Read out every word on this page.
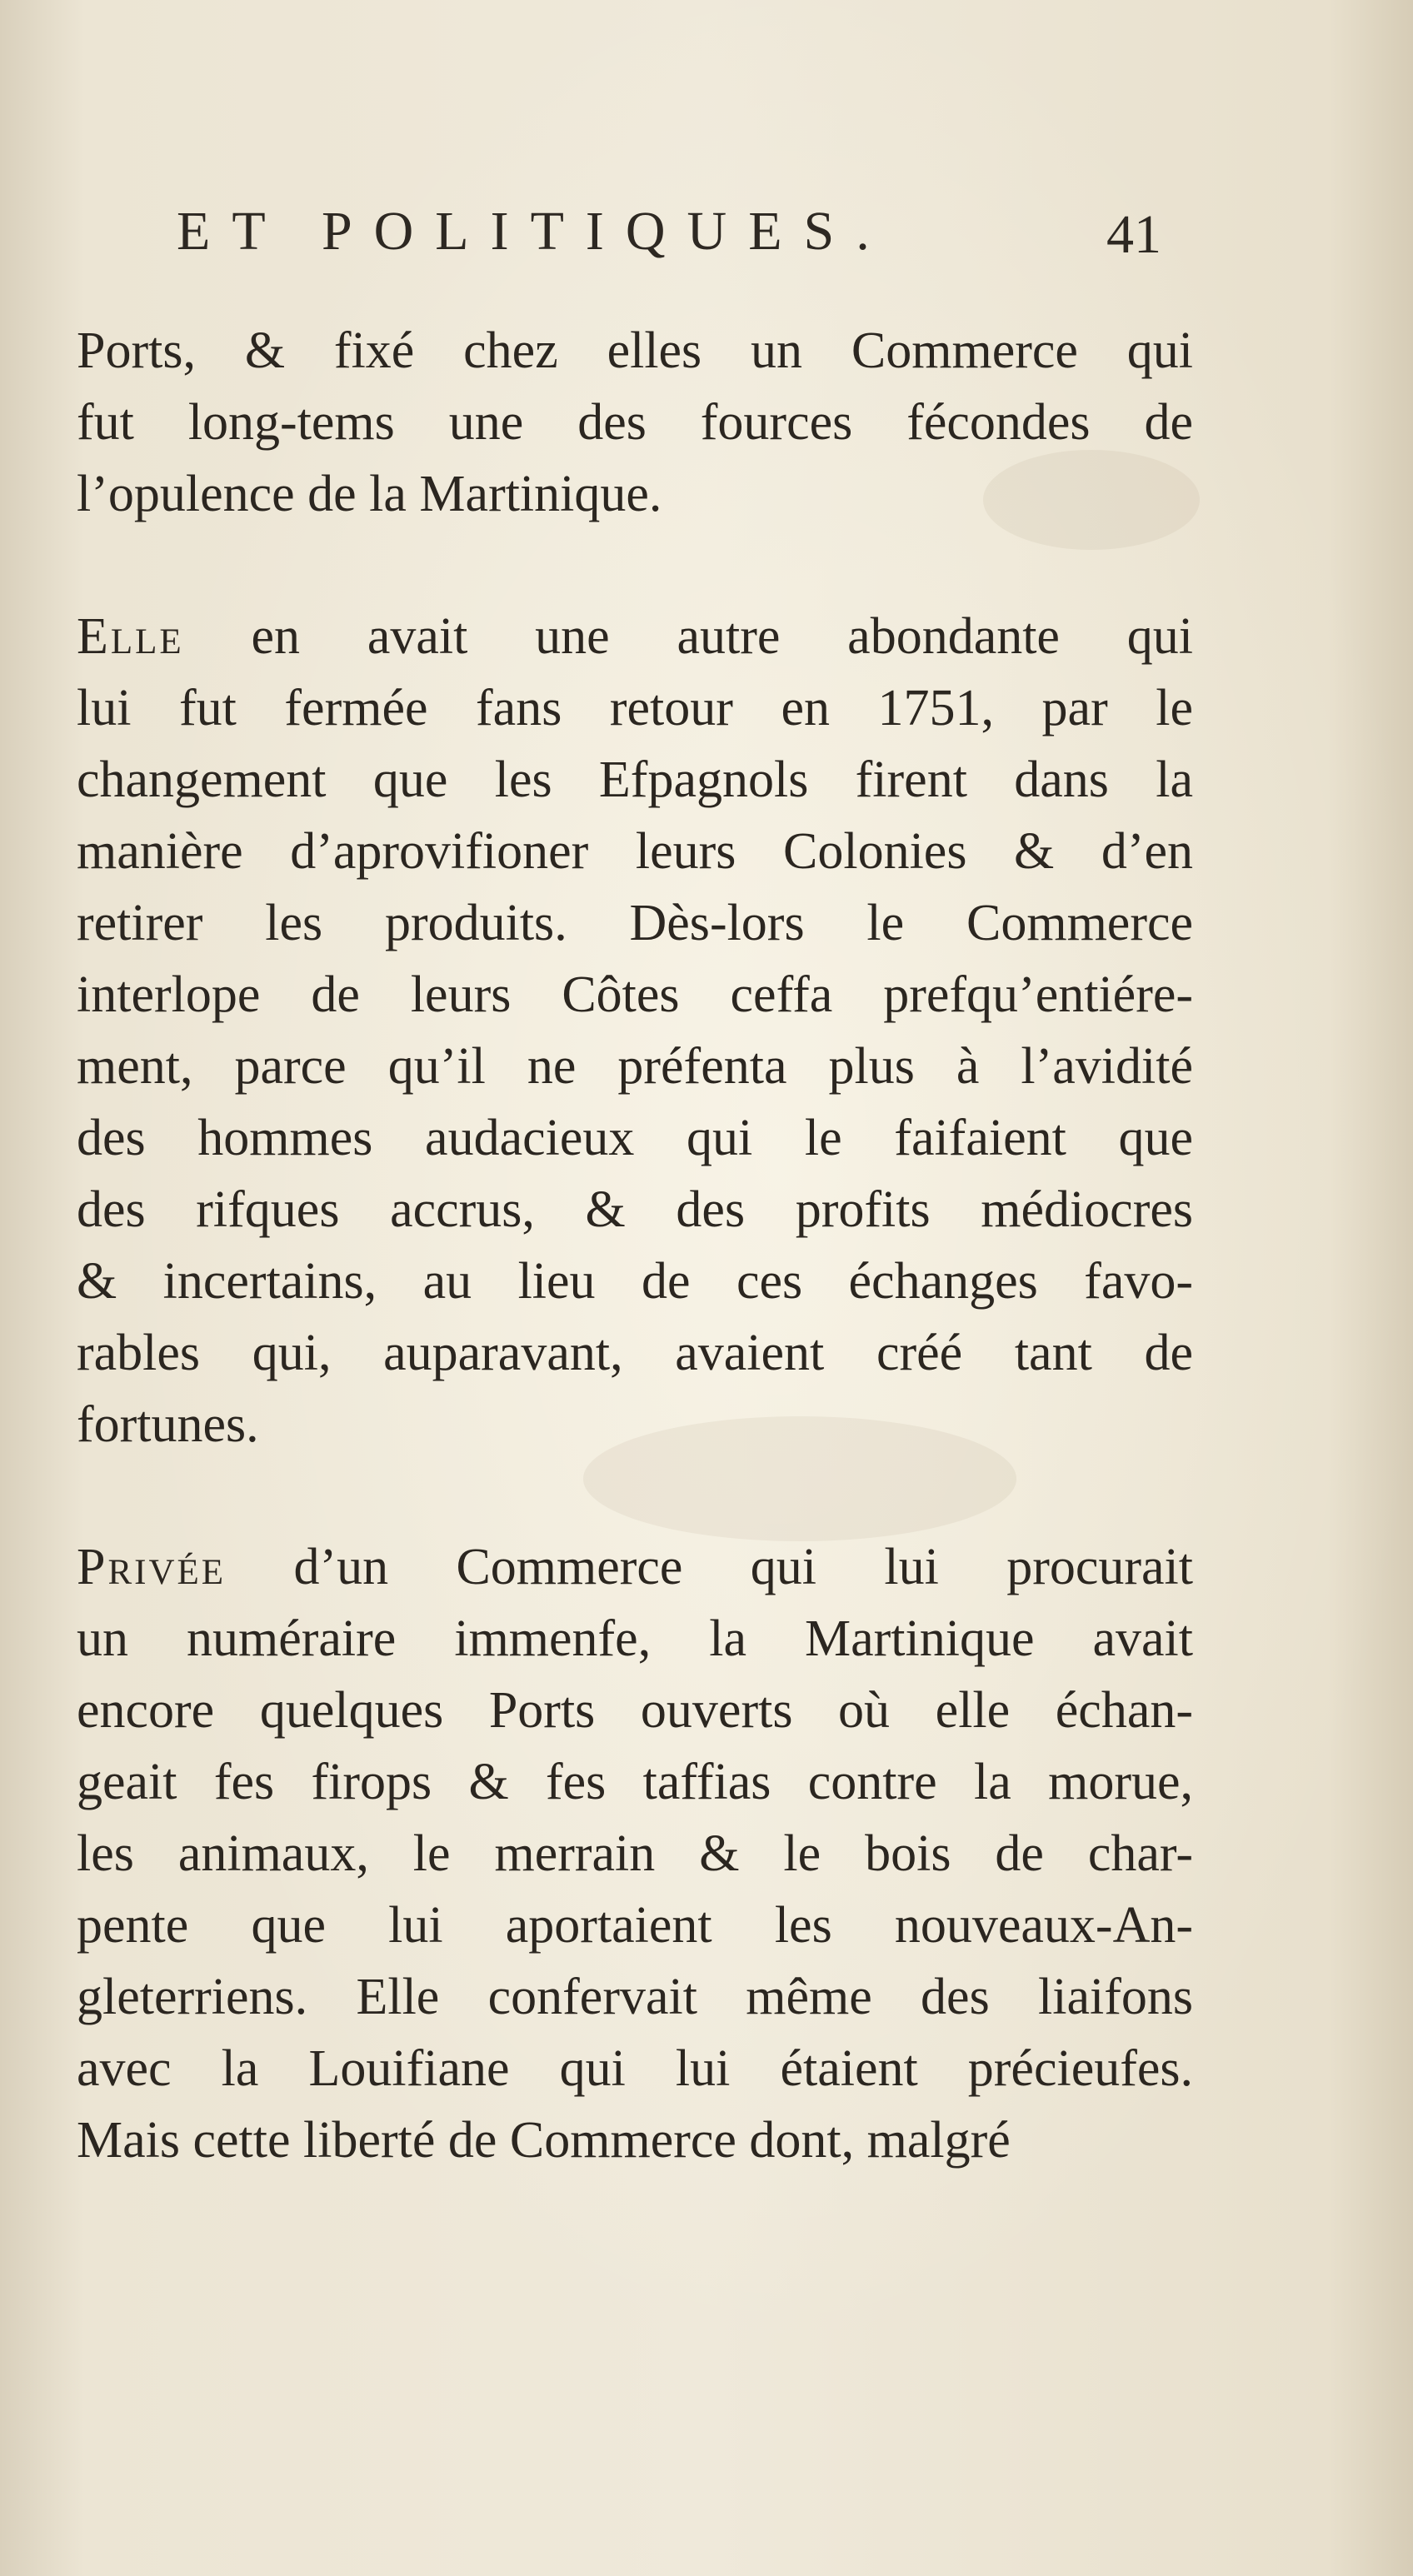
ET POLITIQUES.	41
Ports, & fixé chez elles un Commerce qui
fut long-tems une des fources fécondes de
l’opulence de la Martinique.
Elle en avait une autre abondante qui
lui fut fermée fans retour en 1751, par le
changement que les Efpagnols firent dans la
manière d’aprovifioner leurs Colonies & d’en
retirer les produits. Dès-lors le Commerce
interlope de leurs Côtes ceffa prefqu’entiére-
ment, parce qu’il ne préfenta plus à l’avidité
des hommes audacieux qui le faifaient que
des rifques accrus, & des profits médiocres
& incertains, au lieu de ces échanges favo-
rables qui, auparavant, avaient créé tant de
fortunes.
Privée d’un Commerce qui lui procurait
un numéraire immenfe, la Martinique avait
encore quelques Ports ouverts où elle échan-
geait fes firops & fes taffias contre la morue,
les animaux, le merrain & le bois de char-
pente que lui aportaient les nouveaux-An-
gleterriens. Elle confervait même des liaifons
avec la Louifiane qui lui étaient précieufes.
Mais cette liberté de Commerce dont, malgré
